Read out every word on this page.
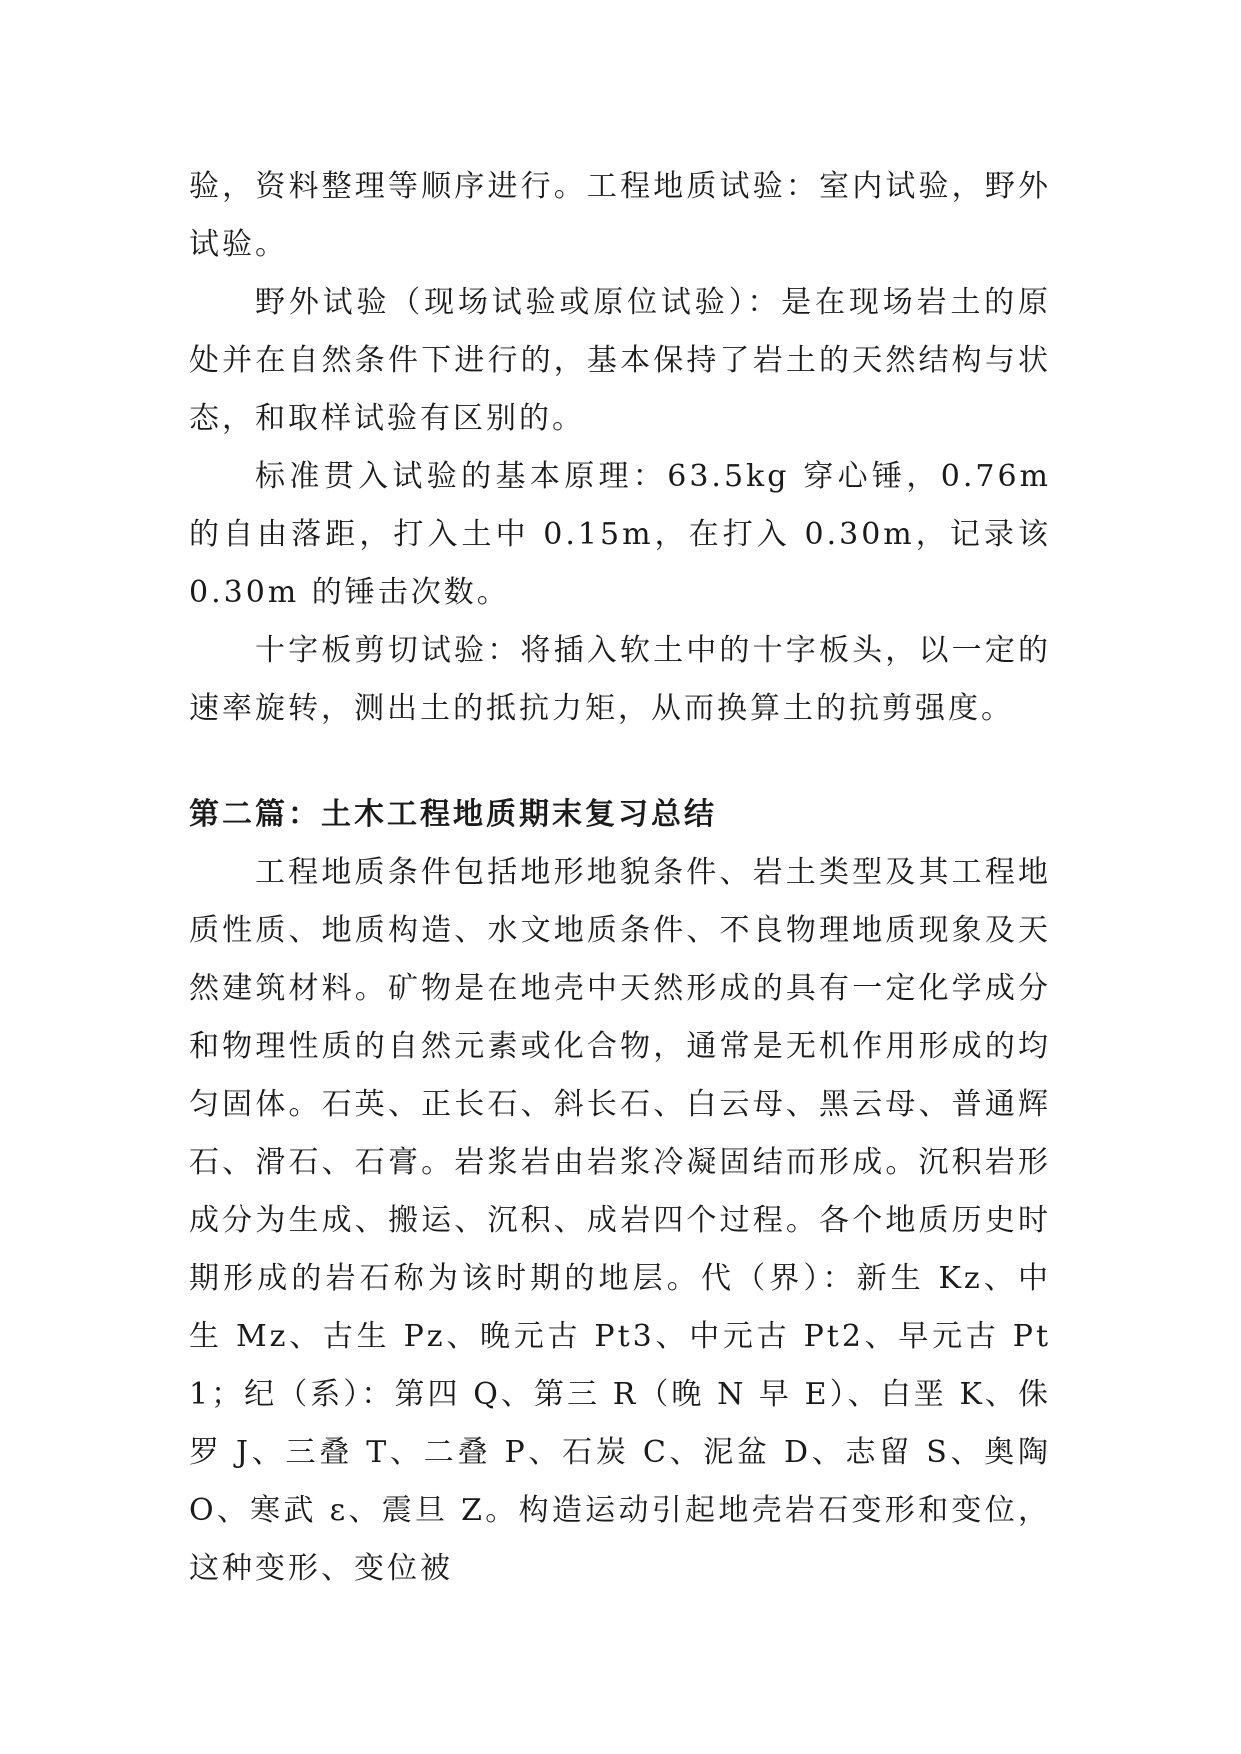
验，资料整理等顺序进行。工程地质试验：室内试验，野外试验。

野外试验（现场试验或原位试验）：是在现场岩土的原处并在自然条件下进行的，基本保持了岩土的天然结构与状态，和取样试验有区别的。

标准贯入试验的基本原理：63.5kg 穿心锤，0.76m 的自由落距，打入土中 0.15m，在打入 0.30m，记录该 0.30m 的锤击次数。

十字板剪切试验：将插入软土中的十字板头，以一定的速率旋转，测出土的抵抗力矩，从而换算土的抗剪强度。

第二篇：土木工程地质期末复习总结

工程地质条件包括地形地貌条件、岩土类型及其工程地质性质、地质构造、水文地质条件、不良物理地质现象及天然建筑材料。矿物是在地壳中天然形成的具有一定化学成分和物理性质的自然元素或化合物，通常是无机作用形成的均匀固体。石英、正长石、斜长石、白云母、黑云母、普通辉石、滑石、石膏。岩浆岩由岩浆冷凝固结而形成。沉积岩形成分为生成、搬运、沉积、成岩四个过程。各个地质历史时期形成的岩石称为该时期的地层。代（界）：新生 Kz、中生 Mz、古生 Pz、晚元古 Pt3、中元古 Pt2、早元古 Pt1；纪（系）：第四 Q、第三 R（晚 N 早 E）、白垩 K、侏罗 J、三叠 T、二叠 P、石炭 C、泥盆 D、志留 S、奥陶 O、寒武 ε、震旦 Z。构造运动引起地壳岩石变形和变位，这种变形、变位被
